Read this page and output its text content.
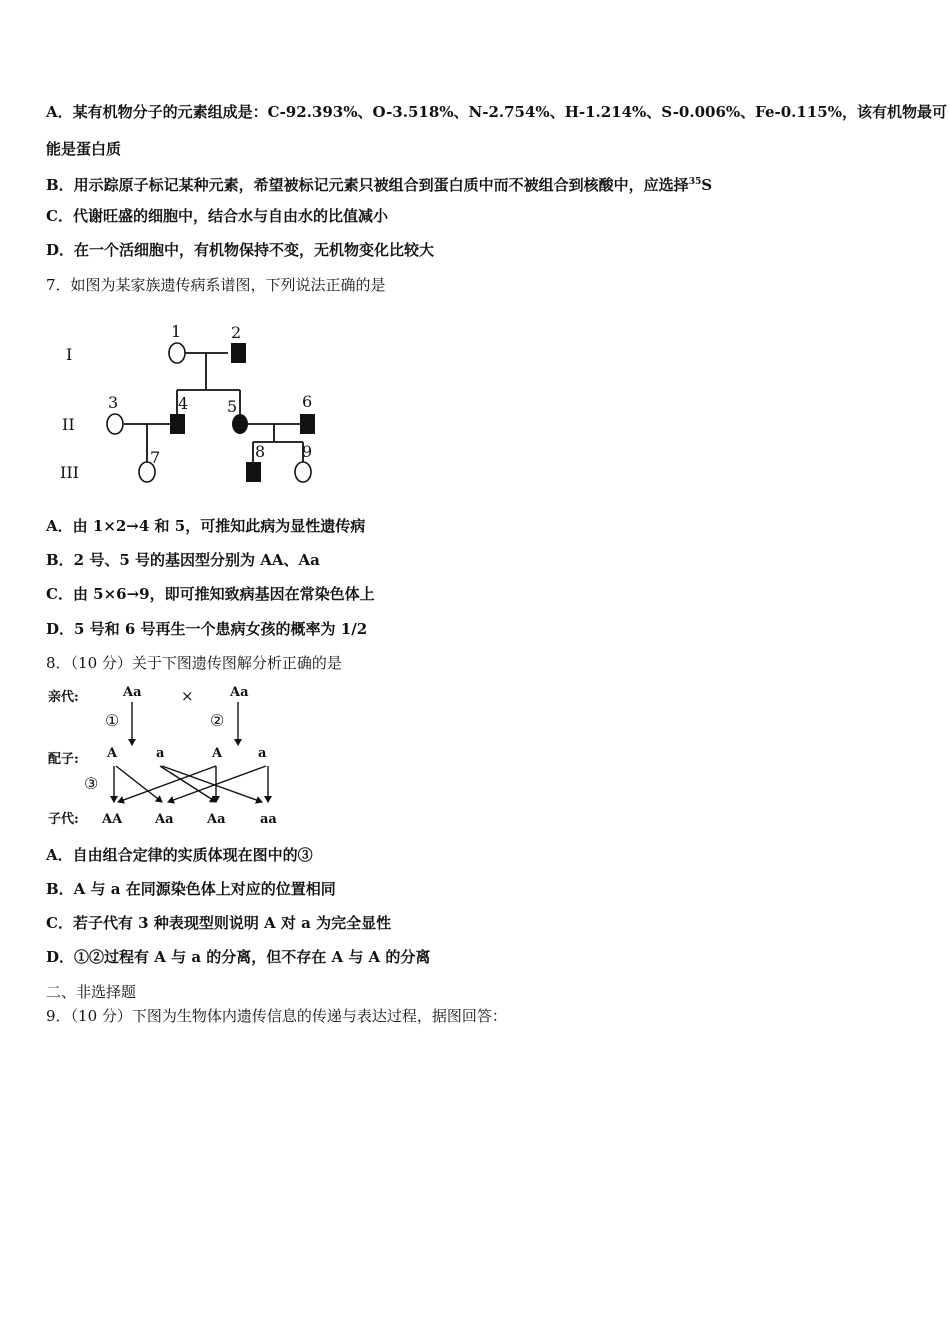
A．某有机物分子的元素组成是：C-92.393%、O-3.518%、N-2.754%、H-1.214%、S-0.006%、Fe-0.115%，该有机物最可
能是蛋白质
B．用示踪原子标记某种元素，希望被标记元素只被组合到蛋白质中而不被组合到核酸中，应选择$^{35}$S
C．代谢旺盛的细胞中，结合水与自由水的比值减小
D．在一个活细胞中，有机物保持不变，无机物变化比较大
7．如图为某家族遗传病系谱图，下列说法正确的是
I
II
III
1	2
3	4 5	6
7	8 9
A．由 1×2→4 和 5，可推知此病为显性遗传病
B．2 号、5 号的基因型分别为 AA、Aa
C．由 5×6→9，即可推知致病基因在常染色体上
D．5 号和 6 号再生一个患病女孩的概率为 1/2
8．（10 分）关于下图遗传图解分析正确的是
亲代:	Aa	×	Aa
①	②
配子: A	a	A	a
③
子代: AA	Aa	Aa	aa
A．自由组合定律的实质体现在图中的③
B．A 与 a 在同源染色体上对应的位置相同
C．若子代有 3 种表现型则说明 A 对 a 为完全显性
D．①②过程有 A 与 a 的分离，但不存在 A 与 A 的分离
二、非选择题
9．（10 分）下图为生物体内遗传信息的传递与表达过程，据图回答：
